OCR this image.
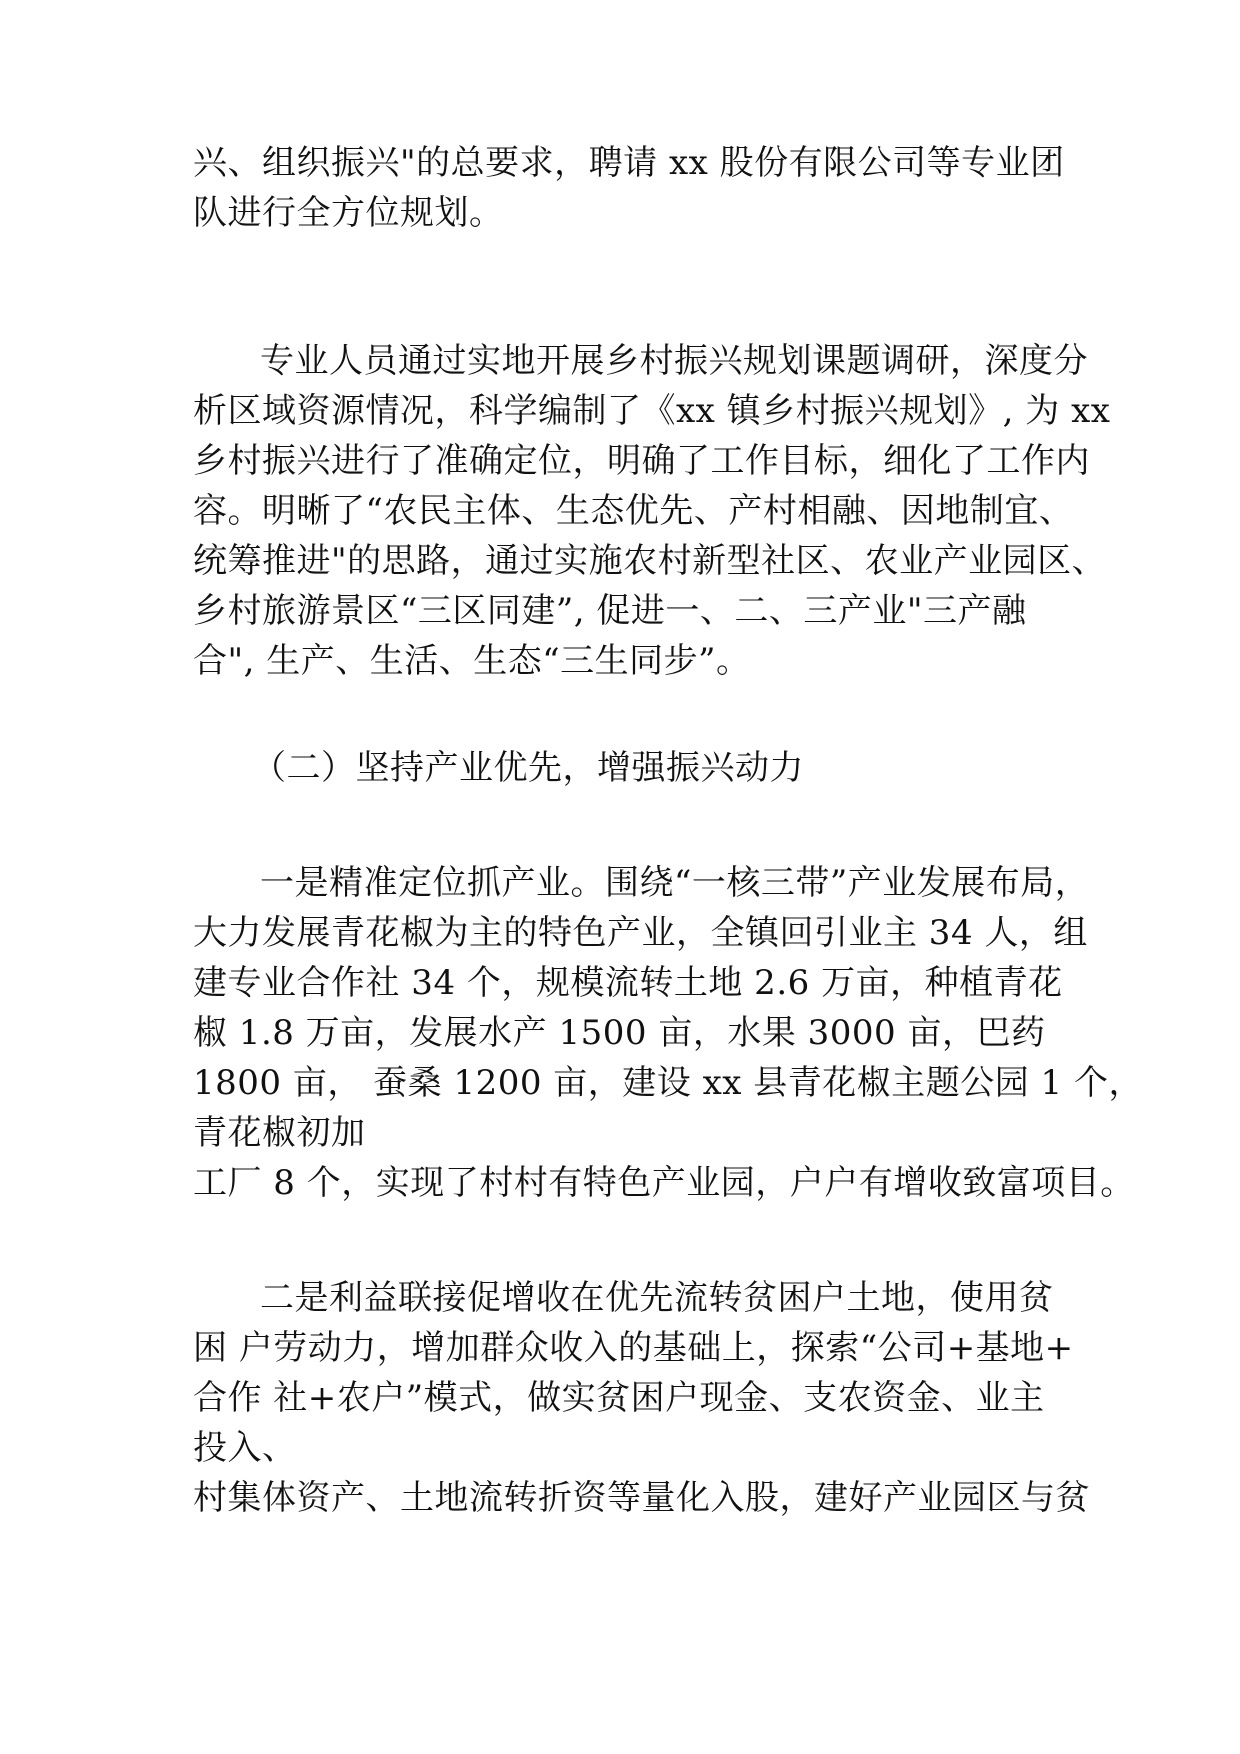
兴、组织振兴"的总要求，聘请 xx 股份有限公司等专业团
队进行全方位规划。
专业人员通过实地开展乡村振兴规划课题调研，深度分
析区域资源情况，科学编制了《xx 镇乡村振兴规划》, 为 xx
乡村振兴进行了准确定位，明确了工作目标，细化了工作内
容。明晰了“农民主体、生态优先、产村相融、因地制宜、
统筹推进"的思路，通过实施农村新型社区、农业产业园区、
乡村旅游景区“三区同建”, 促进一、二、三产业"三产融
合", 生产、生活、生态“三生同步”。
（二）坚持产业优先，增强振兴动力
一是精准定位抓产业。围绕“一核三带”产业发展布局，
大力发展青花椒为主的特色产业，全镇回引业主 34 人，组
建专业合作社 34 个，规模流转土地 2.6 万亩，种植青花
椒 1.8 万亩，发展水产 1500 亩，水果 3000 亩，巴药
1800 亩， 蚕桑 1200 亩，建设 xx 县青花椒主题公园 1 个，
青花椒初加
工厂 8 个，实现了村村有特色产业园，户户有增收致富项目。
二是利益联接促增收在优先流转贫困户土地，使用贫
困 户劳动力，增加群众收入的基础上，探索“公司+基地+
合作 社+农户”模式，做实贫困户现金、支农资金、业主
投入、
村集体资产、土地流转折资等量化入股，建好产业园区与贫
